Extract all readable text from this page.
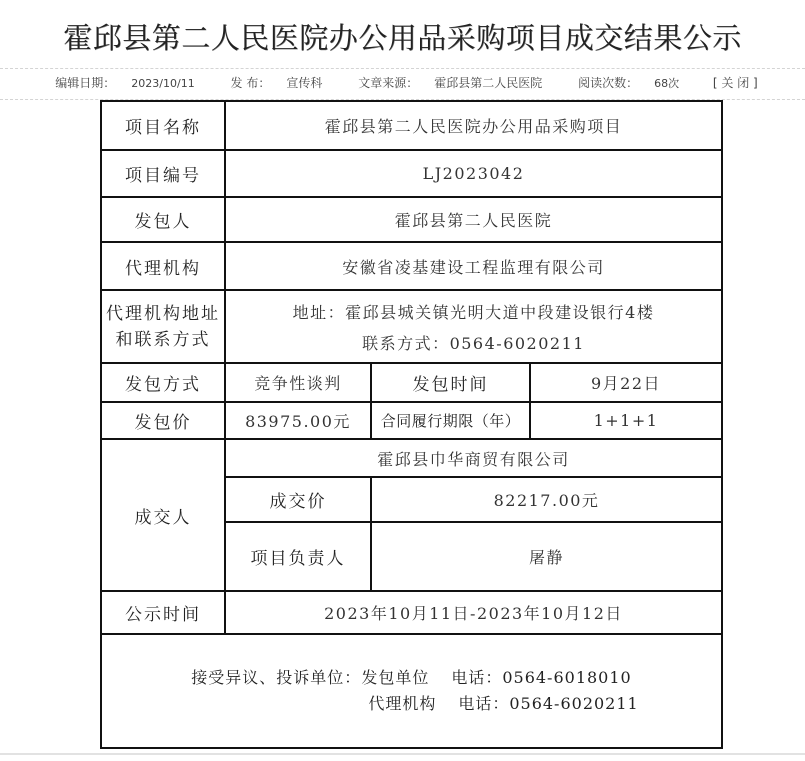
霍邱县第二人民医院办公用品采购项目成交结果公示
编辑日期： 2023/10/11	发 布： 宣传科	文章来源： 霍邱县第二人民医院	阅读次数： 68次	[ 关 闭 ]
项目名称	霍邱县第二人民医院办公用品采购项目		
项目编号	LJ2023042		
发包人	霍邱县第二人民医院		
代理机构	安徽省凌基建设工程监理有限公司		

代理机构地址
和联系方式	地址：霍邱县城关镇光明大道中段建设银行4楼
联系方式：0564-6020211		

发包方式	竞争性谈判	发包时间	9月22日
发包价	83975.00元	合同履行期限（年）	1+1+1
成交人	霍邱县巾华商贸有限公司		
	成交价	82217.00元	
	项目负责人	屠静	
公示时间	2023年10月11日-2023年10月12日		

接受异议、投诉单位：发包单位 电话：0564-6018010
代理机构 电话：0564-6020211			
